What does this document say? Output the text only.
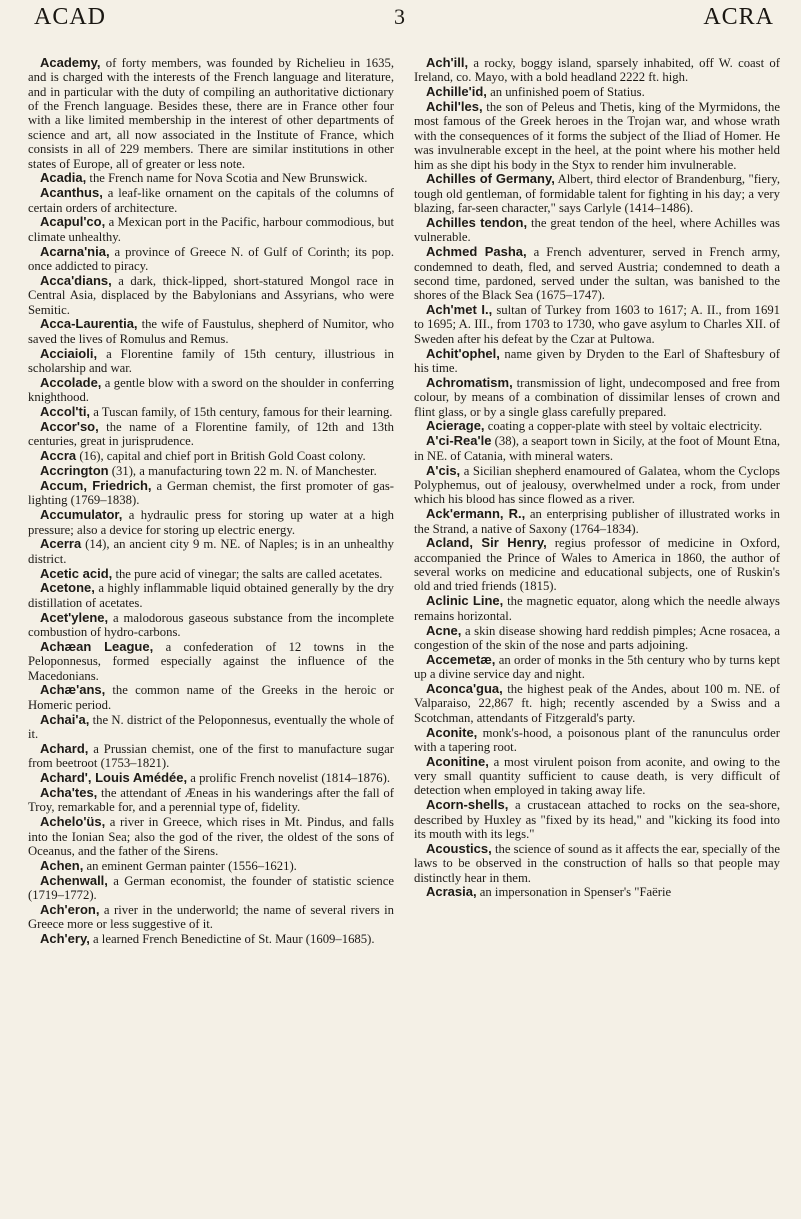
ACAD	3	ACRA

Academy, of forty members, was founded by Richelieu in 1635, and is charged with the interests of the French language and literature, and in particular with the duty of compiling an authoritative dictionary of the French language. Besides these, there are in France other four with a like limited membership in the interest of other departments of science and art, all now associated in the Institute of France, which consists in all of 229 members. There are similar institutions in other states of Europe, all of greater or less note.

Acadia, the French name for Nova Scotia and New Brunswick.

Acanthus, a leaf-like ornament on the capitals of the columns of certain orders of architecture.

Acapul'co, a Mexican port in the Pacific, harbour commodious, but climate unhealthy.

Acarna'nia, a province of Greece N. of Gulf of Corinth; its pop. once addicted to piracy.

Acca'dians, a dark, thick-lipped, short-statured Mongol race in Central Asia, displaced by the Babylonians and Assyrians, who were Semitic.

Acca-Laurentia, the wife of Faustulus, shepherd of Numitor, who saved the lives of Romulus and Remus.

Acciaioli, a Florentine family of 15th century, illustrious in scholarship and war.

Accolade, a gentle blow with a sword on the shoulder in conferring knighthood.

Accol'ti, a Tuscan family, of 15th century, famous for their learning.

Accor'so, the name of a Florentine family, of 12th and 13th centuries, great in jurisprudence.

Accra (16), capital and chief port in British Gold Coast colony.

Accrington (31), a manufacturing town 22 m. N. of Manchester.

Accum, Friedrich, a German chemist, the first promoter of gas-lighting (1769–1838).

Accumulator, a hydraulic press for storing up water at a high pressure; also a device for storing up electric energy.

Acerra (14), an ancient city 9 m. NE. of Naples; is in an unhealthy district.

Acetic acid, the pure acid of vinegar; the salts are called acetates.

Acetone, a highly inflammable liquid obtained generally by the dry distillation of acetates.

Acet'ylene, a malodorous gaseous substance from the incomplete combustion of hydro-carbons.

Achæan League, a confederation of 12 towns in the Peloponnesus, formed especially against the influence of the Macedonians.

Achæ'ans, the common name of the Greeks in the heroic or Homeric period.

Achai'a, the N. district of the Peloponnesus, eventually the whole of it.

Achard, a Prussian chemist, one of the first to manufacture sugar from beetroot (1753–1821).

Achard', Louis Amédée, a prolific French novelist (1814–1876).

Acha'tes, the attendant of Æneas in his wanderings after the fall of Troy, remarkable for, and a perennial type of, fidelity.

Achelo'üs, a river in Greece, which rises in Mt. Pindus, and falls into the Ionian Sea; also the god of the river, the oldest of the sons of Oceanus, and the father of the Sirens.

Achen, an eminent German painter (1556–1621).

Achenwall, a German economist, the founder of statistic science (1719–1772).

Ach'eron, a river in the underworld; the name of several rivers in Greece more or less suggestive of it.

Ach'ery, a learned French Benedictine of St. Maur (1609–1685).

Ach'ill, a rocky, boggy island, sparsely inhabited, off W. coast of Ireland, co. Mayo, with a bold headland 2222 ft. high.

Achille'id, an unfinished poem of Statius.

Achil'les, the son of Peleus and Thetis, king of the Myrmidons, the most famous of the Greek heroes in the Trojan war, and whose wrath with the consequences of it forms the subject of the Iliad of Homer. He was invulnerable except in the heel, at the point where his mother held him as she dipt his body in the Styx to render him invulnerable.

Achilles of Germany, Albert, third elector of Brandenburg, "fiery, tough old gentleman, of formidable talent for fighting in his day; a very blazing, far-seen character," says Carlyle (1414–1486).

Achilles tendon, the great tendon of the heel, where Achilles was vulnerable.

Achmed Pasha, a French adventurer, served in French army, condemned to death, fled, and served Austria; condemned to death a second time, pardoned, served under the sultan, was banished to the shores of the Black Sea (1675–1747).

Ach'met I., sultan of Turkey from 1603 to 1617; A. II., from 1691 to 1695; A. III., from 1703 to 1730, who gave asylum to Charles XII. of Sweden after his defeat by the Czar at Pultowa.

Achit'ophel, name given by Dryden to the Earl of Shaftesbury of his time.

Achromatism, transmission of light, undecomposed and free from colour, by means of a combination of dissimilar lenses of crown and flint glass, or by a single glass carefully prepared.

Acierage, coating a copper-plate with steel by voltaic electricity.

A'ci-Rea'le (38), a seaport town in Sicily, at the foot of Mount Etna, in NE. of Catania, with mineral waters.

A'cis, a Sicilian shepherd enamoured of Galatea, whom the Cyclops Polyphemus, out of jealousy, overwhelmed under a rock, from under which his blood has since flowed as a river.

Ack'ermann, R., an enterprising publisher of illustrated works in the Strand, a native of Saxony (1764–1834).

Acland, Sir Henry, regius professor of medicine in Oxford, accompanied the Prince of Wales to America in 1860, the author of several works on medicine and educational subjects, one of Ruskin's old and tried friends (1815).

Aclinic Line, the magnetic equator, along which the needle always remains horizontal.

Acne, a skin disease showing hard reddish pimples; Acne rosacea, a congestion of the skin of the nose and parts adjoining.

Accemetæ, an order of monks in the 5th century who by turns kept up a divine service day and night.

Aconca'gua, the highest peak of the Andes, about 100 m. NE. of Valparaiso, 22,867 ft. high; recently ascended by a Swiss and a Scotchman, attendants of Fitzgerald's party.

Aconite, monk's-hood, a poisonous plant of the ranunculus order with a tapering root.

Aconitine, a most virulent poison from aconite, and owing to the very small quantity sufficient to cause death, is very difficult of detection when employed in taking away life.

Acorn-shells, a crustacean attached to rocks on the sea-shore, described by Huxley as "fixed by its head," and "kicking its food into its mouth with its legs."

Acoustics, the science of sound as it affects the ear, specially of the laws to be observed in the construction of halls so that people may distinctly hear in them.

Acrasia, an impersonation in Spenser's "Faërie
